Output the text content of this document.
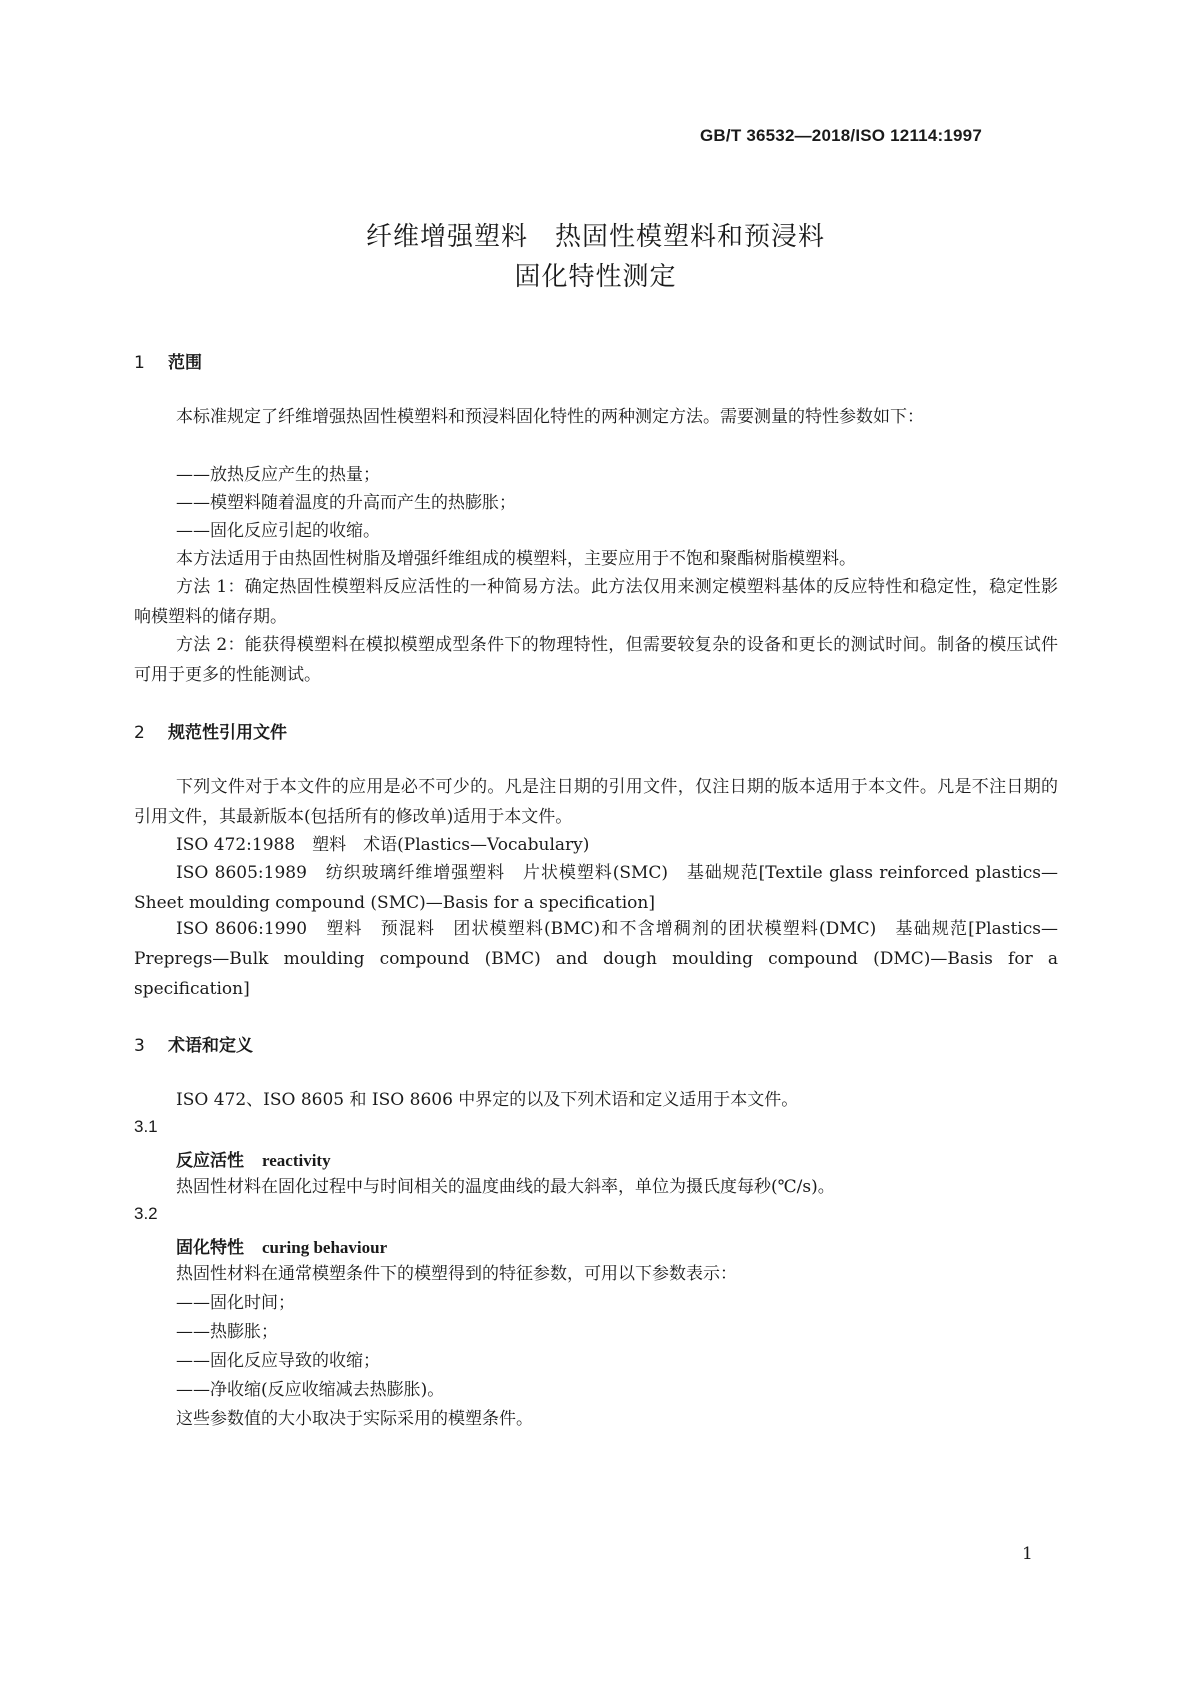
GB/T 36532—2018/ISO 12114:1997
纤维增强塑料　热固性模塑料和预浸料
固化特性测定
1 范围
本标准规定了纤维增强热固性模塑料和预浸料固化特性的两种测定方法。需要测量的特性参数如下：
——放热反应产生的热量；
——模塑料随着温度的升高而产生的热膨胀；
——固化反应引起的收缩。
本方法适用于由热固性树脂及增强纤维组成的模塑料，主要应用于不饱和聚酯树脂模塑料。
方法 1：确定热固性模塑料反应活性的一种简易方法。此方法仅用来测定模塑料基体的反应特性和稳定性，稳定性影响模塑料的储存期。
方法 2：能获得模塑料在模拟模塑成型条件下的物理特性，但需要较复杂的设备和更长的测试时间。制备的模压试件可用于更多的性能测试。
2 规范性引用文件
下列文件对于本文件的应用是必不可少的。凡是注日期的引用文件，仅注日期的版本适用于本文件。凡是不注日期的引用文件，其最新版本(包括所有的修改单)适用于本文件。
ISO 472:1988　塑料　术语(Plastics—Vocabulary)
ISO 8605:1989　纺织玻璃纤维增强塑料　片状模塑料(SMC)　基础规范[Textile glass reinforced plastics—Sheet moulding compound (SMC)—Basis for a specification]
ISO 8606:1990　塑料　预混料　团状模塑料(BMC)和不含增稠剂的团状模塑料(DMC)　基础规范[Plastics—Prepregs—Bulk moulding compound (BMC) and dough moulding compound (DMC)—Basis for a specification]
3 术语和定义
ISO 472、ISO 8605 和 ISO 8606 中界定的以及下列术语和定义适用于本文件。
3.1
反应活性 reactivity
热固性材料在固化过程中与时间相关的温度曲线的最大斜率，单位为摄氏度每秒(℃/s)。
3.2
固化特性 curing behaviour
热固性材料在通常模塑条件下的模塑得到的特征参数，可用以下参数表示：
——固化时间；
——热膨胀；
——固化反应导致的收缩；
——净收缩(反应收缩减去热膨胀)。
这些参数值的大小取决于实际采用的模塑条件。
1
